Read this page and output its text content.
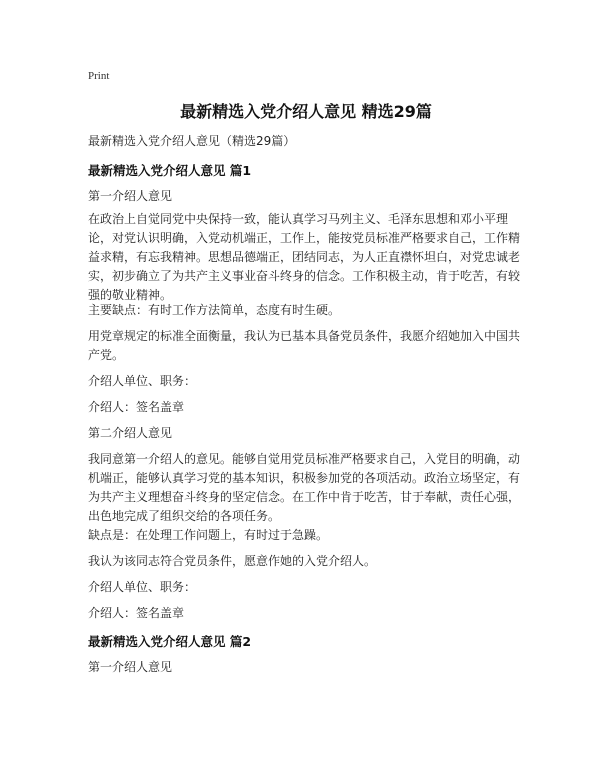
Print
最新精选入党介绍人意见 精选29篇

最新精选入党介绍人意见（精选29篇）

最新精选入党介绍人意见 篇1

第一介绍人意见

在政治上自觉同党中央保持一致，能认真学习马列主义、毛泽东思想和邓小平理论，对党认识明确，入党动机端正，工作上，能按党员标准严格要求自己，工作精益求精，有忘我精神。思想品德端正，团结同志，为人正直襟怀坦白，对党忠诚老实，初步确立了为共产主义事业奋斗终身的信念。工作积极主动，肯于吃苦，有较强的敬业精神。

主要缺点：有时工作方法简单，态度有时生硬。

用党章规定的标准全面衡量，我认为已基本具备党员条件，我愿介绍她加入中国共产党。

介绍人单位、职务：

介绍人：签名盖章

第二介绍人意见

我同意第一介绍人的意见。能够自觉用党员标准严格要求自己，入党目的明确，动机端正，能够认真学习党的基本知识，积极参加党的各项活动。政治立场坚定，有为共产主义理想奋斗终身的坚定信念。在工作中肯于吃苦，甘于奉献，责任心强，出色地完成了组织交给的各项任务。

缺点是：在处理工作问题上，有时过于急躁。

我认为该同志符合党员条件，愿意作她的入党介绍人。

介绍人单位、职务：

介绍人：签名盖章

最新精选入党介绍人意见 篇2

第一介绍人意见
